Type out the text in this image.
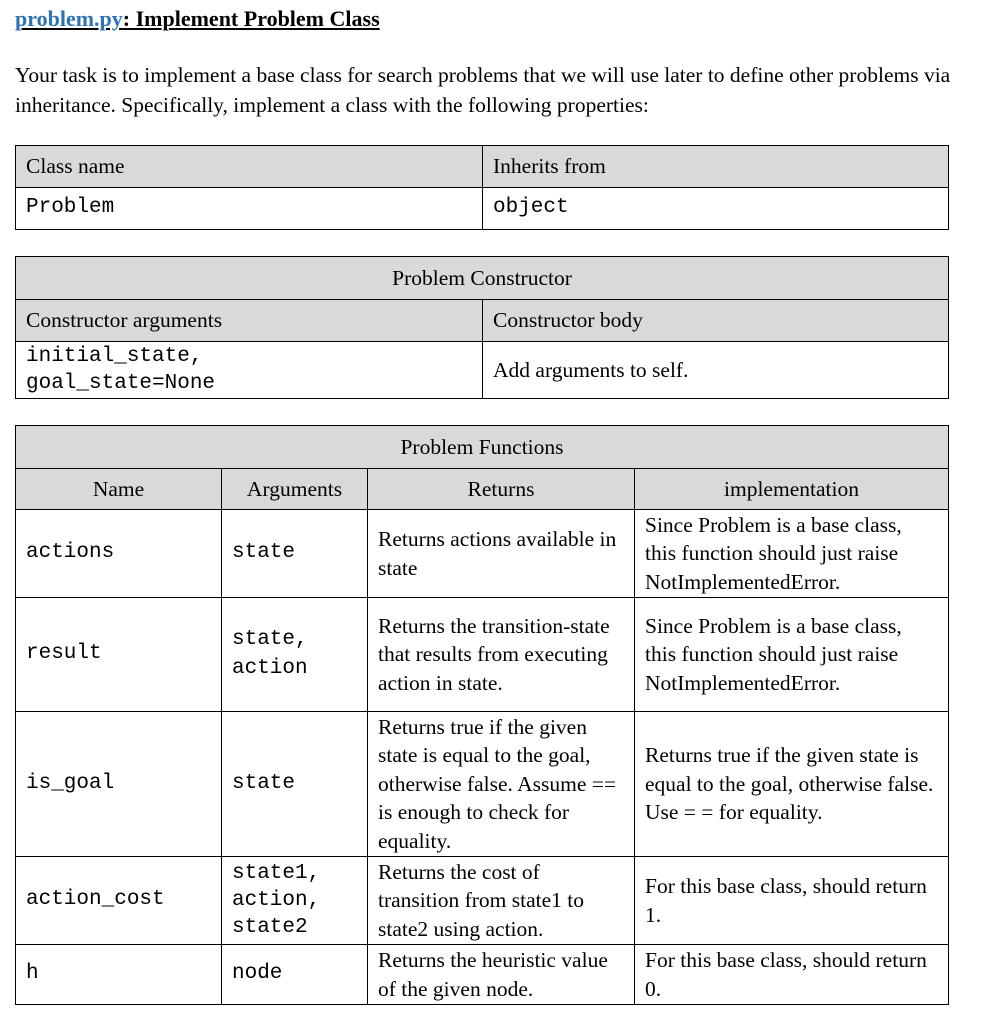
problem.py: Implement Problem Class
Your task is to implement a base class for search problems that we will use later to define other problems via inheritance. Specifically, implement a class with the following properties:
Class name	Inherits from
Problem	object
Problem Constructor	
Constructor arguments	Constructor body
initial_state,
goal_state=None	Add arguments to self.
Problem Functions			
Name	Arguments	Returns	implementation
actions	state	Returns actions available in state	Since Problem is a base class, this function should just raise NotImplementedError.
result	state,
action	Returns the transition-state that results from executing action in state.	Since Problem is a base class, this function should just raise NotImplementedError.
is_goal	state	Returns true if the given state is equal to the goal, otherwise false. Assume == is enough to check for equality.	Returns true if the given state is equal to the goal, otherwise false. Use = = for equality.
action_cost	state1,
action,
state2	Returns the cost of transition from state1 to state2 using action.	For this base class, should return 1.
h	node	Returns the heuristic value of the given node.	For this base class, should return 0.
